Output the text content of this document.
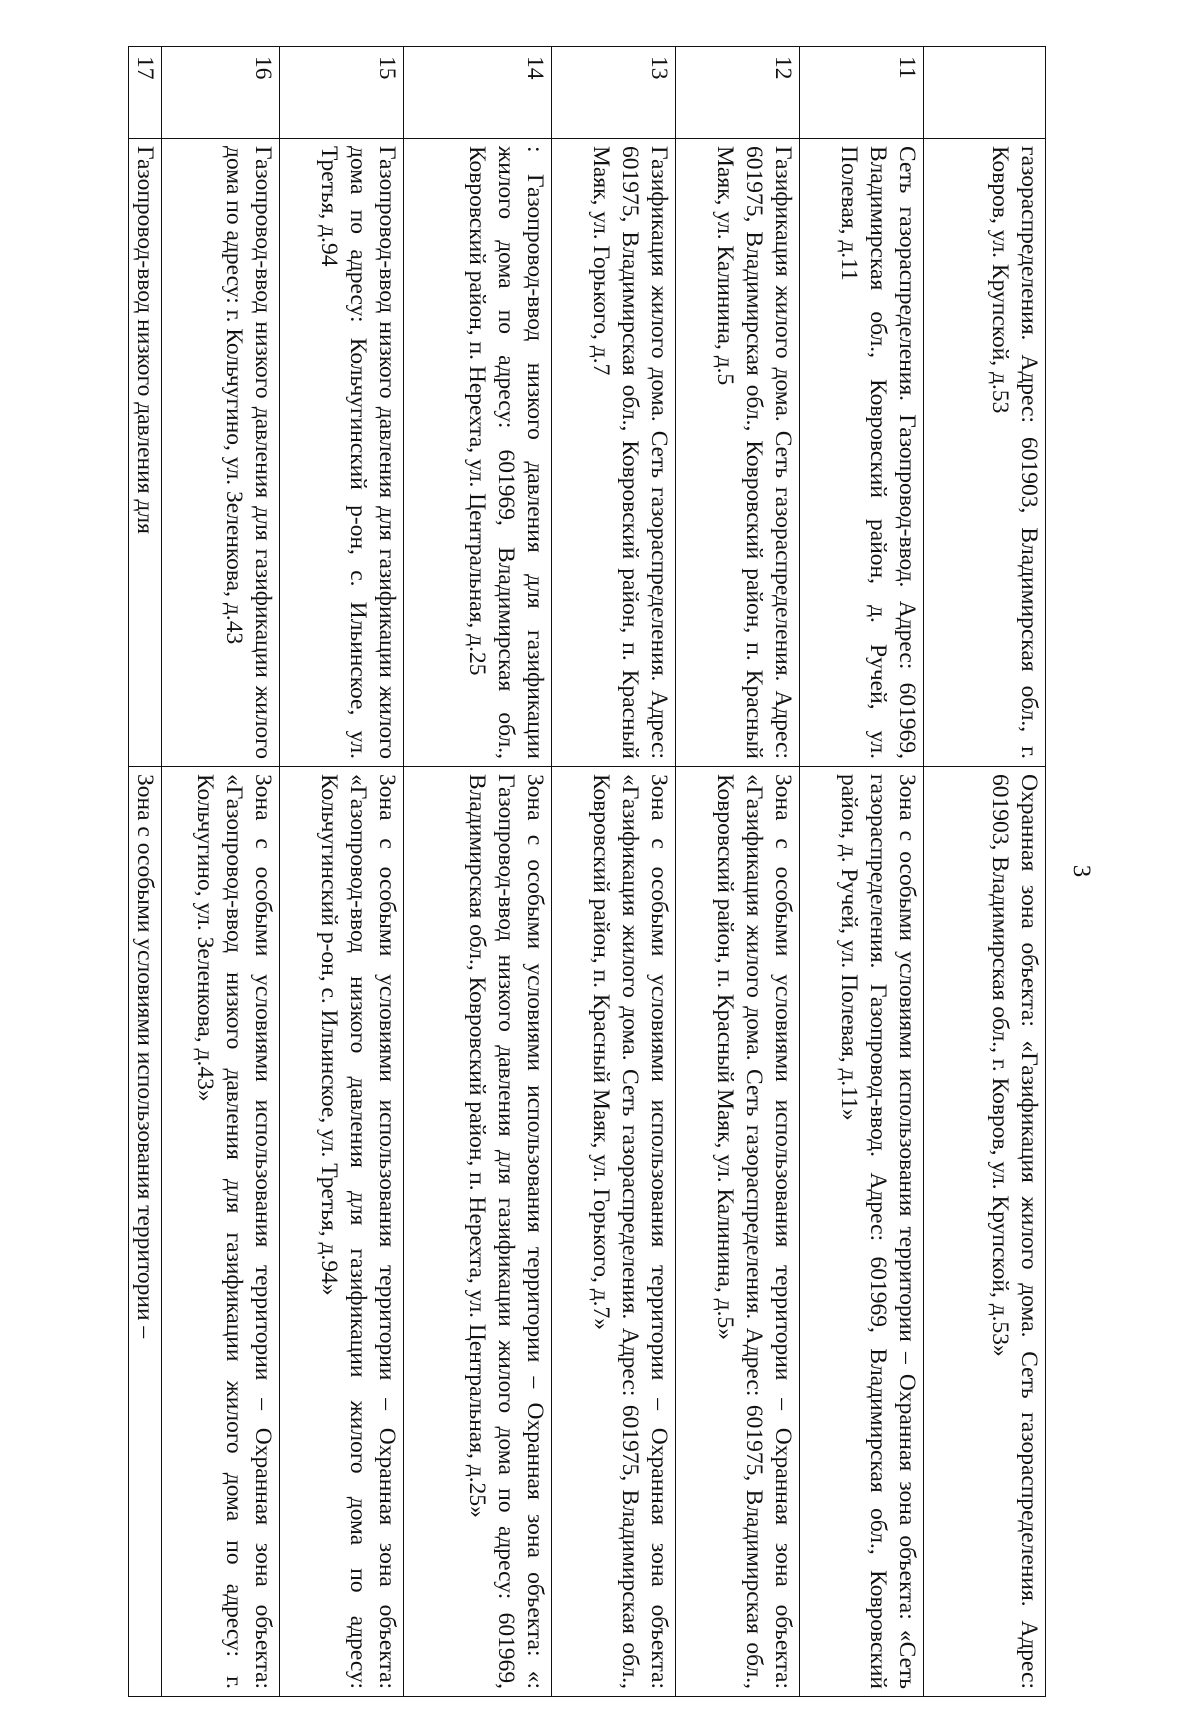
3
	газораспределения. Адрес: 601903, Владимирская обл., г. Ковров, ул. Крупской, д.53	Охранная зона объекта: «Газификация жилого дома. Сеть газораспределения. Адрес: 601903, Владимирская обл., г. Ковров, ул. Крупской, д.53»
11	Сеть газораспределения. Газопровод-ввод. Адрес: 601969, Владимирская обл., Ковровский район, д. Ручей, ул. Полевая, д.11	Зона с особыми условиями использования территории – Охранная зона объекта: «Сеть газораспределения. Газопровод-ввод. Адрес: 601969, Владимирская обл., Ковровский район, д. Ручей, ул. Полевая, д.11»
12	Газификация жилого дома. Сеть газораспределения. Адрес: 601975, Владимирская обл., Ковровский район, п. Красный Маяк, ул. Калинина, д.5	Зона с особыми условиями использования территории – Охранная зона объекта: «Газификация жилого дома. Сеть газораспределения. Адрес: 601975, Владимирская обл., Ковровский район, п. Красный Маяк, ул. Калинина, д.5»
13	Газификация жилого дома. Сеть газораспределения. Адрес: 601975, Владимирская обл., Ковровский район, п. Красный Маяк, ул. Горького, д.7	Зона с особыми условиями использования территории – Охранная зона объекта: «Газификация жилого дома. Сеть газораспределения. Адрес: 601975, Владимирская обл., Ковровский район, п. Красный Маяк, ул. Горького, д.7»
14	: Газопровод-ввод низкого давления для газификации жилого дома по адресу: 601969, Владимирская обл., Ковровский район, п. Нерехта, ул. Центральная, д.25	Зона с особыми условиями использования территории – Охранная зона объекта: «: Газопровод-ввод низкого давления для газификации жилого дома по адресу: 601969, Владимирская обл., Ковровский район, п. Нерехта, ул. Центральная, д.25»
15	Газопровод-ввод низкого давления для газификации жилого дома по адресу: Кольчугинский р-он, с. Ильинское, ул. Третья, д.94	Зона с особыми условиями использования территории – Охранная зона объекта: «Газопровод-ввод низкого давления для газификации жилого дома по адресу: Кольчугинский р-он, с. Ильинское, ул. Третья, д.94»
16	Газопровод-ввод низкого давления для газификации жилого дома по адресу: г. Кольчугино, ул. Зеленкова, д.43	Зона с особыми условиями использования территории – Охранная зона объекта: «Газопровод-ввод низкого давления для газификации жилого дома по адресу: г. Кольчугино, ул. Зеленкова, д.43»
17	Газопровод-ввод низкого давления для	Зона с особыми условиями использования территории –
